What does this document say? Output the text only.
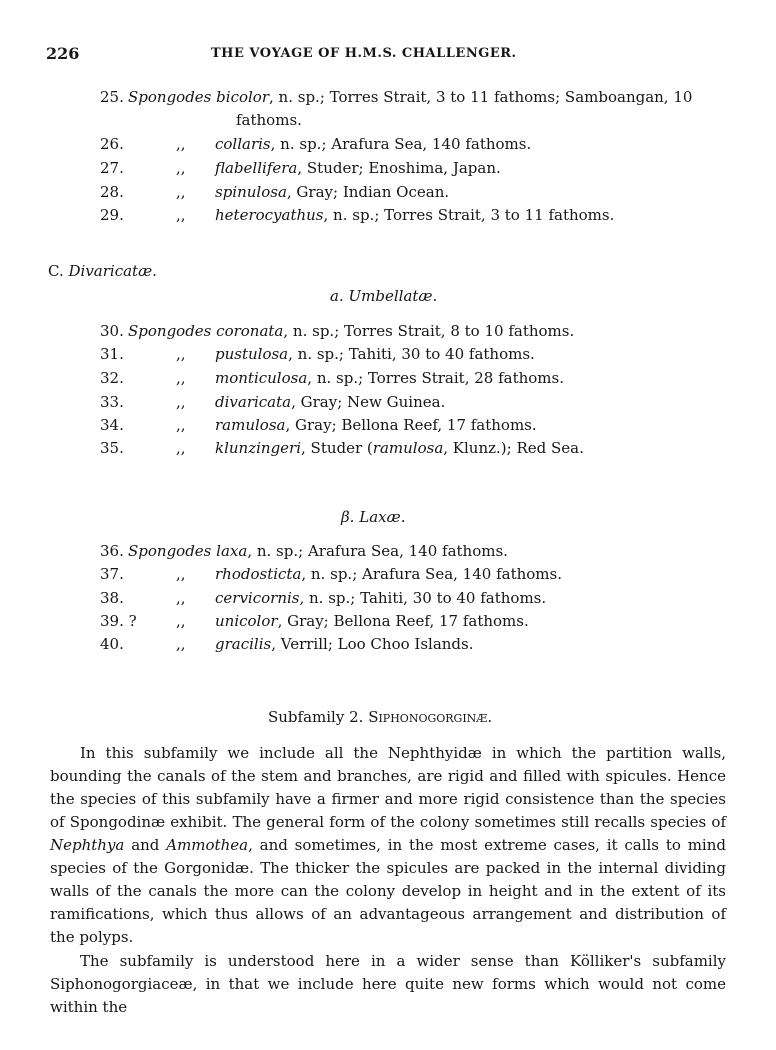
226	THE VOYAGE OF H.M.S. CHALLENGER.
25. Spongodes bicolor, n. sp.; Torres Strait, 3 to 11 fathoms; Samboangan, 10
fathoms.
26.	,, collaris, n. sp.; Arafura Sea, 140 fathoms.
27.	,, flabellifera, Studer; Enoshima, Japan.
28.	,, spinulosa, Gray; Indian Ocean.
29.	,, heterocyathus, n. sp.; Torres Strait, 3 to 11 fathoms.
C. Divaricatæ.
a. Umbellatæ.
30. Spongodes coronata, n. sp.; Torres Strait, 8 to 10 fathoms.
31.	,, pustulosa, n. sp.; Tahiti, 30 to 40 fathoms.
32.	,, monticulosa, n. sp.; Torres Strait, 28 fathoms.
33.	,, divaricata, Gray; New Guinea.
34.	,, ramulosa, Gray; Bellona Reef, 17 fathoms.
35.	,, klunzingeri, Studer (ramulosa, Klunz.); Red Sea.
β. Laxæ.
36. Spongodes laxa, n. sp.; Arafura Sea, 140 fathoms.
37.	,, rhodosticta, n. sp.; Arafura Sea, 140 fathoms.
38.	,, cervicornis, n. sp.; Tahiti, 30 to 40 fathoms.
39. ?	,, unicolor, Gray; Bellona Reef, 17 fathoms.
40.	,, gracilis, Verrill; Loo Choo Islands.
Subfamily 2. Siphonogorginæ.

In this subfamily we include all the Nephthyidæ in which the partition walls, bounding the canals of the stem and branches, are rigid and filled with spicules. Hence the species of this subfamily have a firmer and more rigid consistence than the species of Spongodinæ exhibit. The general form of the colony sometimes still recalls species of Nephthya and Ammothea, and sometimes, in the most extreme cases, it calls to mind species of the Gorgonidæ. The thicker the spicules are packed in the internal dividing walls of the canals the more can the colony develop in height and in the extent of its ramifications, which thus allows of an advantageous arrangement and distribution of the polyps.

The subfamily is understood here in a wider sense than Kölliker's subfamily Siphonogorgiaceæ, in that we include here quite new forms which would not come within the
